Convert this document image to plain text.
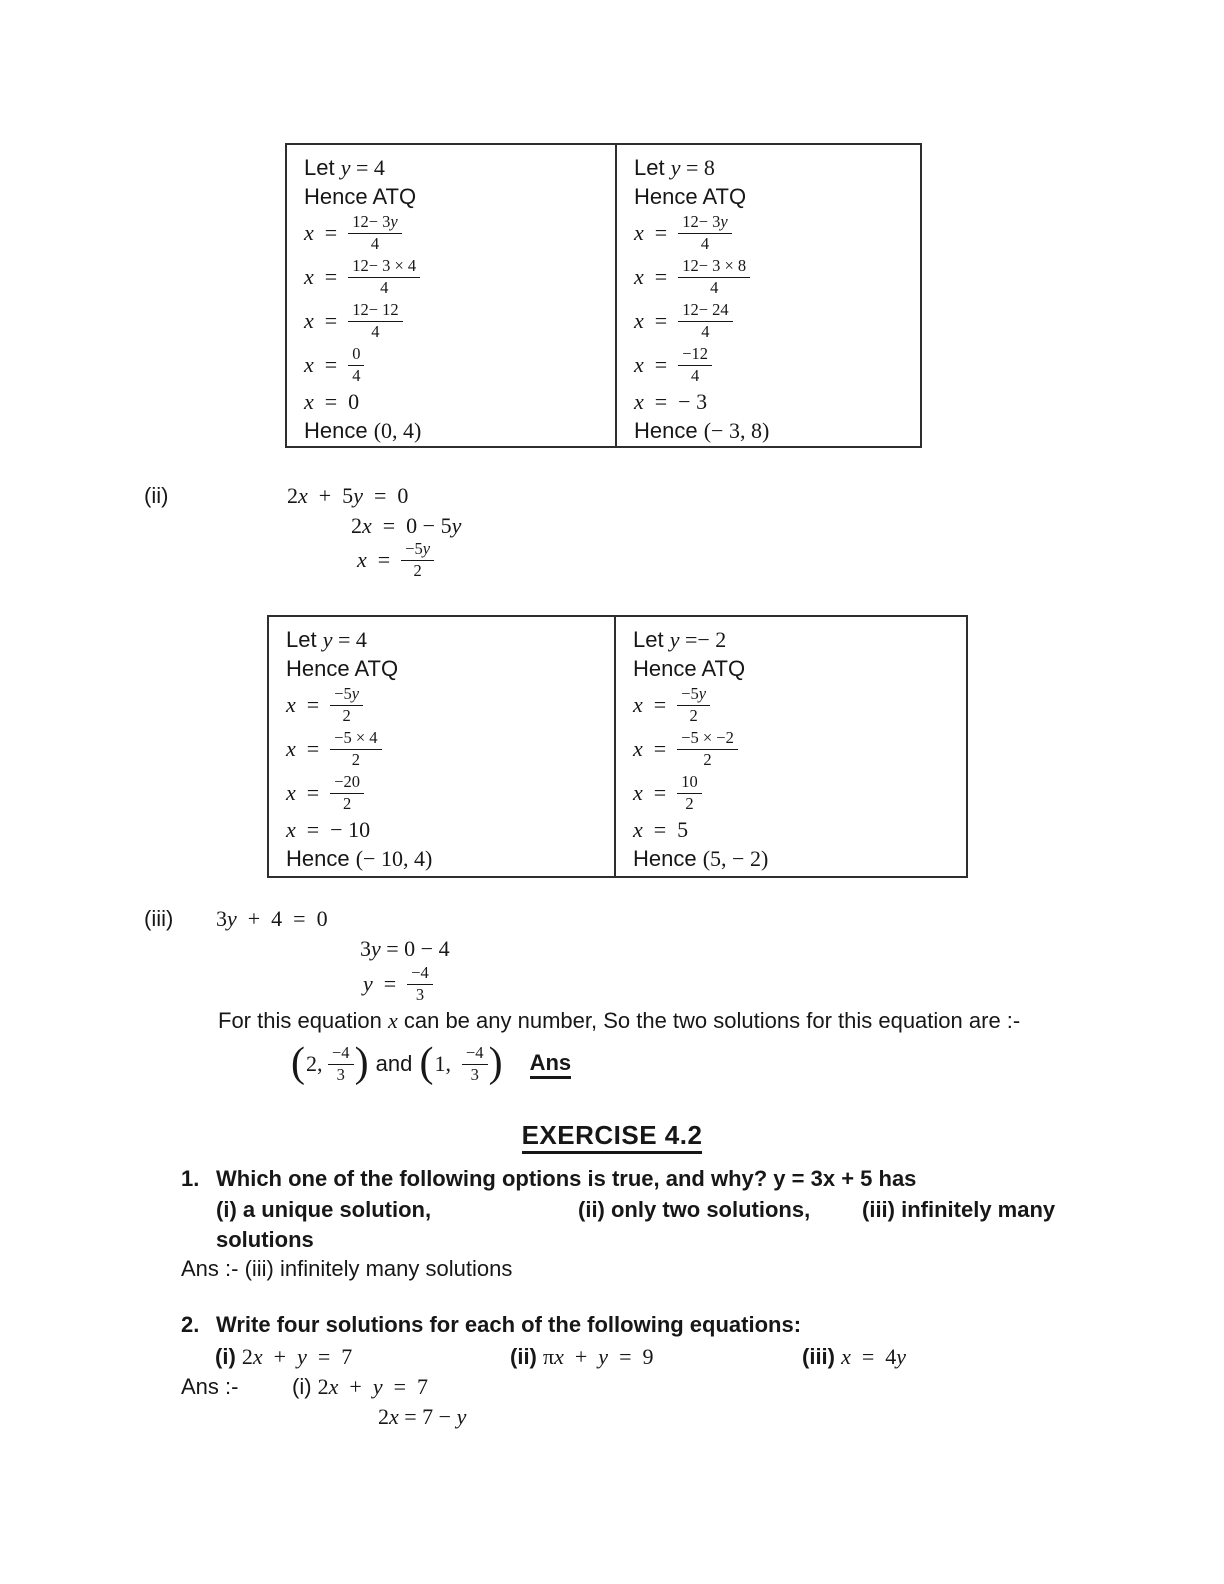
Let y = 4
Hence ATQ
$x = \frac{12- 3y}{4}$
$x = \frac{12- 3 \times 4}{4}$
$x = \frac{12- 12}{4}$
$x = \frac{0}{4}$
x =  0
Hence (0, 4)
Let y = 8
Hence ATQ
$x = \frac{12- 3y}{4}$
$x = \frac{12- 3 \times 8}{4}$
$x = \frac{12- 24}{4}$
$x = \frac{-12}{4}$
x =  − 3
Hence (− 3, 8)
(ii)	2 x +  5 y =  0
2 x =  0 − 5 y
$x = \frac{-5y}{2}$
Let y = 4
Hence ATQ
$x = \frac{-5y}{2}$
$x = \frac{-5 \times 4}{2}$
$x = \frac{-20}{2}$
x =  − 10
Hence (− 10, 4)
Let y =− 2
Hence ATQ
$x = \frac{-5y}{2}$
$x = \frac{-5 \times -2}{2}$
$x = \frac{10}{2}$
x =  5
Hence (5, − 2)
(iii) 3 y +  4  =  0
3 y = 0 − 4
$y = \frac{-4}{3}$
For this equation x can be any number, So the two solutions for this equation are :-
( 2, $\frac{-4}{3}$ ) and ( 1, $\frac{-4}{3}$ ) Ans
EXERCISE 4.2
1. Which one of the following options is true, and why? y = 3x + 5 has
(i) a unique solution,	(ii) only two solutions, (iii) infinitely many
solutions
Ans :- (iii) infinitely many solutions
2. Write four solutions for each of the following equations:
(i) 2x  +  y  =  7	(ii) πx  +  y  =  9	(iii) x  =  4y
Ans :- (i) 2x  +  y  =  7
2 x = 7 − y
